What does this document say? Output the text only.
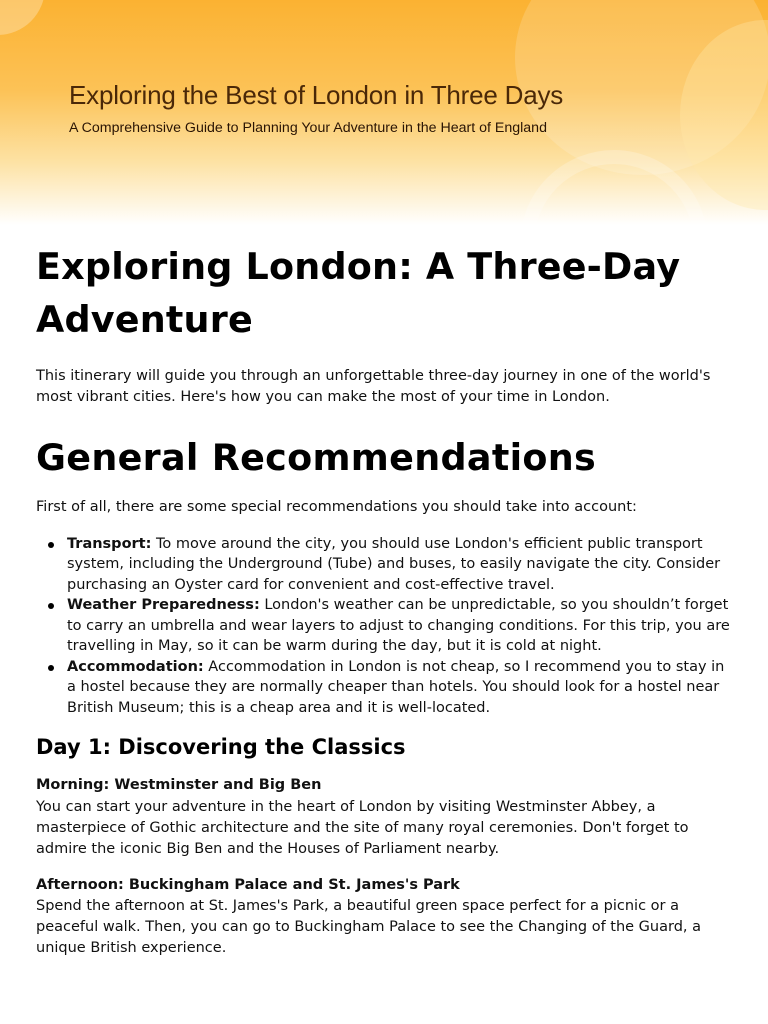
Exploring the Best of London in Three Days
A Comprehensive Guide to Planning Your Adventure in the Heart of England
Exploring London: A Three-Day Adventure

This itinerary will guide you through an unforgettable three-day journey in one of the world's most vibrant cities. Here's how you can make the most of your time in London.

General Recommendations

First of all, there are some special recommendations you should take into account:

Transport: To move around the city, you should use London's efficient public transport system, including the Underground (Tube) and buses, to easily navigate the city. Consider purchasing an Oyster card for convenient and cost-effective travel.
Weather Preparedness: London's weather can be unpredictable, so you shouldn’t forget to carry an umbrella and wear layers to adjust to changing conditions. For this trip, you are travelling in May, so it can be warm during the day, but it is cold at night.
Accommodation: Accommodation in London is not cheap, so I recommend you to stay in a hostel because they are normally cheaper than hotels. You should look for a hostel near British Museum; this is a cheap area and it is well-located.
Day 1: Discovering the Classics
Morning: Westminster and Big Ben

You can start your adventure in the heart of London by visiting Westminster Abbey, a masterpiece of Gothic architecture and the site of many royal ceremonies. Don't forget to admire the iconic Big Ben and the Houses of Parliament nearby.

Afternoon: Buckingham Palace and St. James's Park

Spend the afternoon at St. James's Park, a beautiful green space perfect for a picnic or a peaceful walk. Then, you can go to Buckingham Palace to see the Changing of the Guard, a unique British experience.
